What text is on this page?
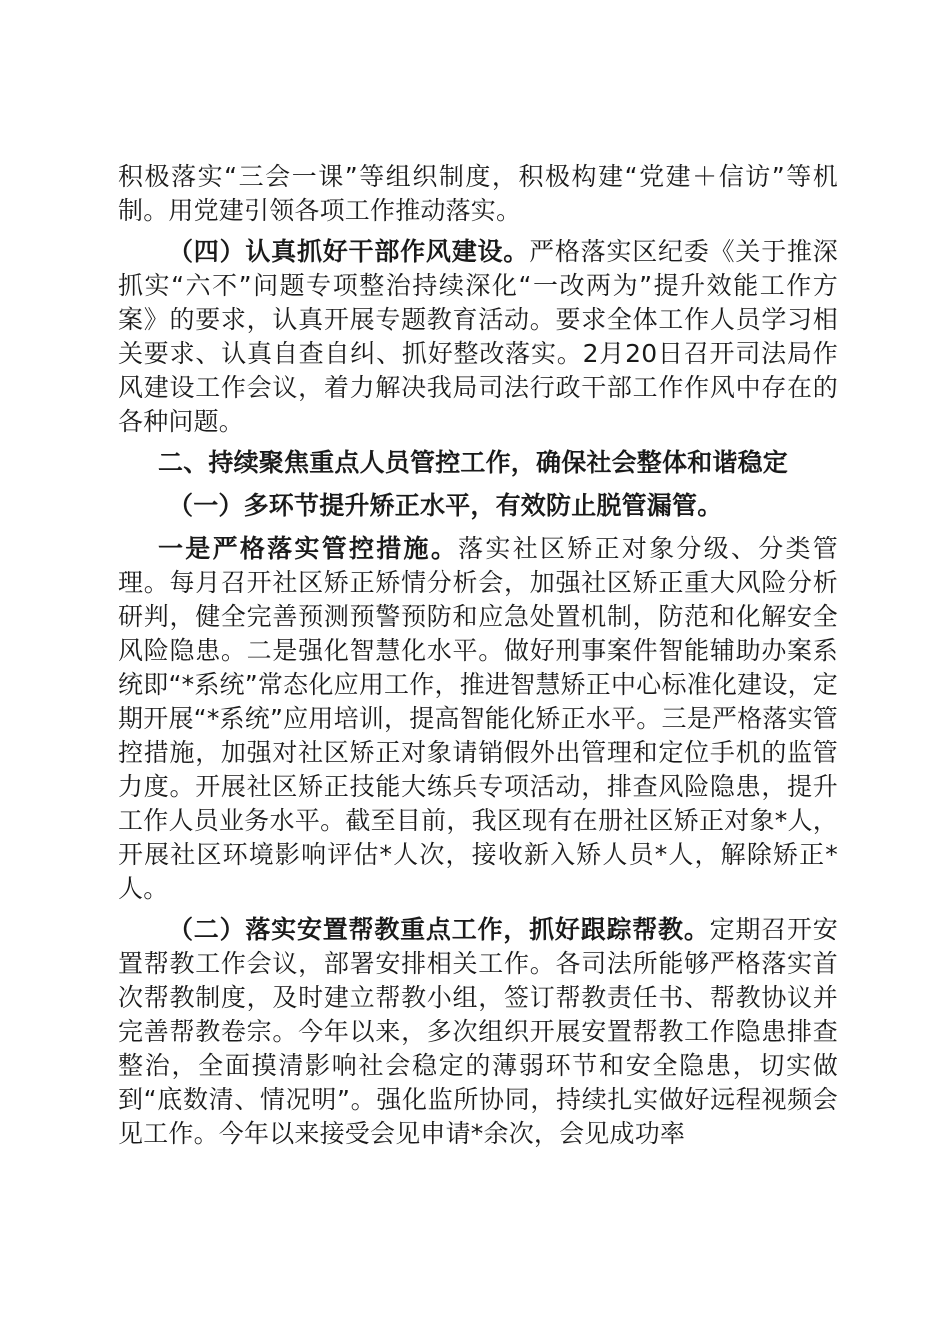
积极落实“三会一课”等组织制度，积极构建“党建＋信访”等机制。用党建引领各项工作推动落实。

（四）认真抓好干部作风建设。严格落实区纪委《关于推深抓实“六不”问题专项整治持续深化“一改两为”提升效能工作方案》的要求，认真开展专题教育活动。要求全体工作人员学习相关要求、认真自查自纠、抓好整改落实。2月20日召开司法局作风建设工作会议，着力解决我局司法行政干部工作作风中存在的各种问题。

二、持续聚焦重点人员管控工作，确保社会整体和谐稳定

（一）多环节提升矫正水平，有效防止脱管漏管。

一是严格落实管控措施。落实社区矫正对象分级、分类管理。每月召开社区矫正矫情分析会，加强社区矫正重大风险分析研判，健全完善预测预警预防和应急处置机制，防范和化解安全风险隐患。二是强化智慧化水平。做好刑事案件智能辅助办案系统即“*系统”常态化应用工作，推进智慧矫正中心标准化建设，定期开展“*系统”应用培训，提高智能化矫正水平。三是严格落实管控措施，加强对社区矫正对象请销假外出管理和定位手机的监管力度。开展社区矫正技能大练兵专项活动，排查风险隐患，提升工作人员业务水平。截至目前，我区现有在册社区矫正对象*人，开展社区环境影响评估*人次，接收新入矫人员*人，解除矫正*人。

（二）落实安置帮教重点工作，抓好跟踪帮教。定期召开安置帮教工作会议，部署安排相关工作。各司法所能够严格落实首次帮教制度，及时建立帮教小组，签订帮教责任书、帮教协议并完善帮教卷宗。今年以来，多次组织开展安置帮教工作隐患排查整治，全面摸清影响社会稳定的薄弱环节和安全隐患，切实做到“底数清、情况明”。强化监所协同，持续扎实做好远程视频会见工作。今年以来接受会见申请*余次，会见成功率
